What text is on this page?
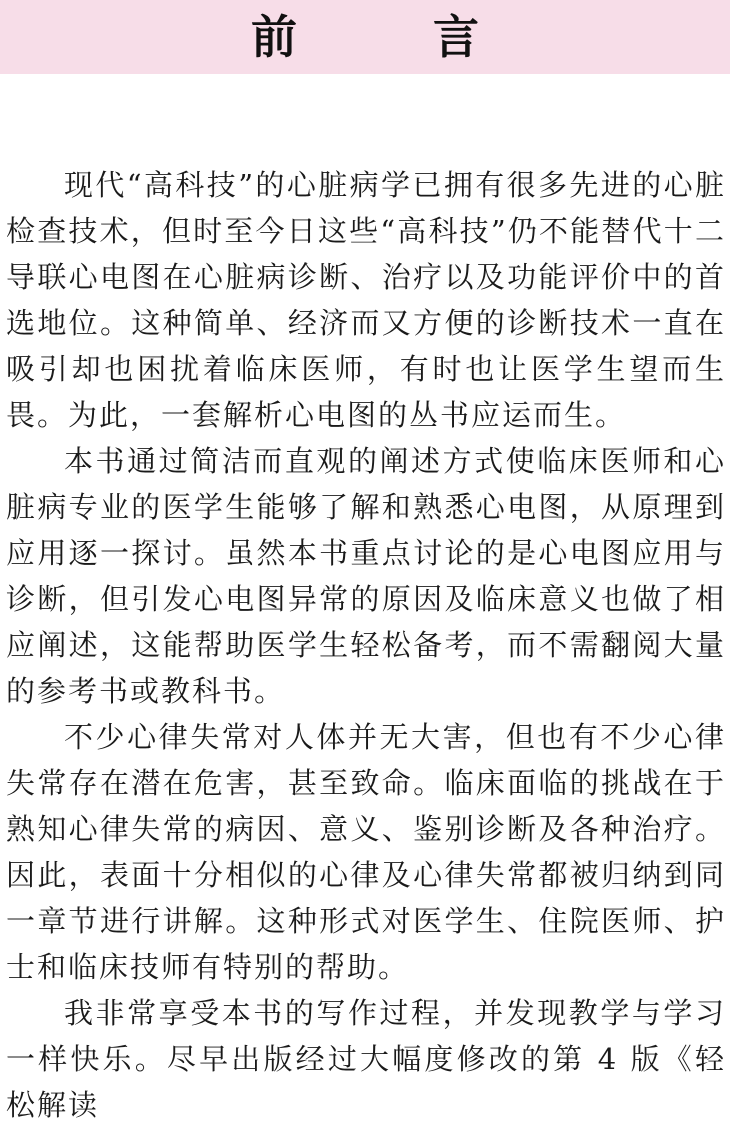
前 言

现代“高科技”的心脏病学已拥有很多先进的心脏检查技术，但时至今日这些“高科技”仍不能替代十二导联心电图在心脏病诊断、治疗以及功能评价中的首选地位。这种简单、经济而又方便的诊断技术一直在吸引却也困扰着临床医师，有时也让医学生望而生畏。为此，一套解析心电图的丛书应运而生。

本书通过简洁而直观的阐述方式使临床医师和心脏病专业的医学生能够了解和熟悉心电图，从原理到应用逐一探讨。虽然本书重点讨论的是心电图应用与诊断，但引发心电图异常的原因及临床意义也做了相应阐述，这能帮助医学生轻松备考，而不需翻阅大量的参考书或教科书。

不少心律失常对人体并无大害，但也有不少心律失常存在潜在危害，甚至致命。临床面临的挑战在于熟知心律失常的病因、意义、鉴别诊断及各种治疗。因此，表面十分相似的心律及心律失常都被归纳到同一章节进行讲解。这种形式对医学生、住院医师、护士和临床技师有特别的帮助。

我非常享受本书的写作过程，并发现教学与学习一样快乐。尽早出版经过大幅度修改的第 4 版《轻松解读
